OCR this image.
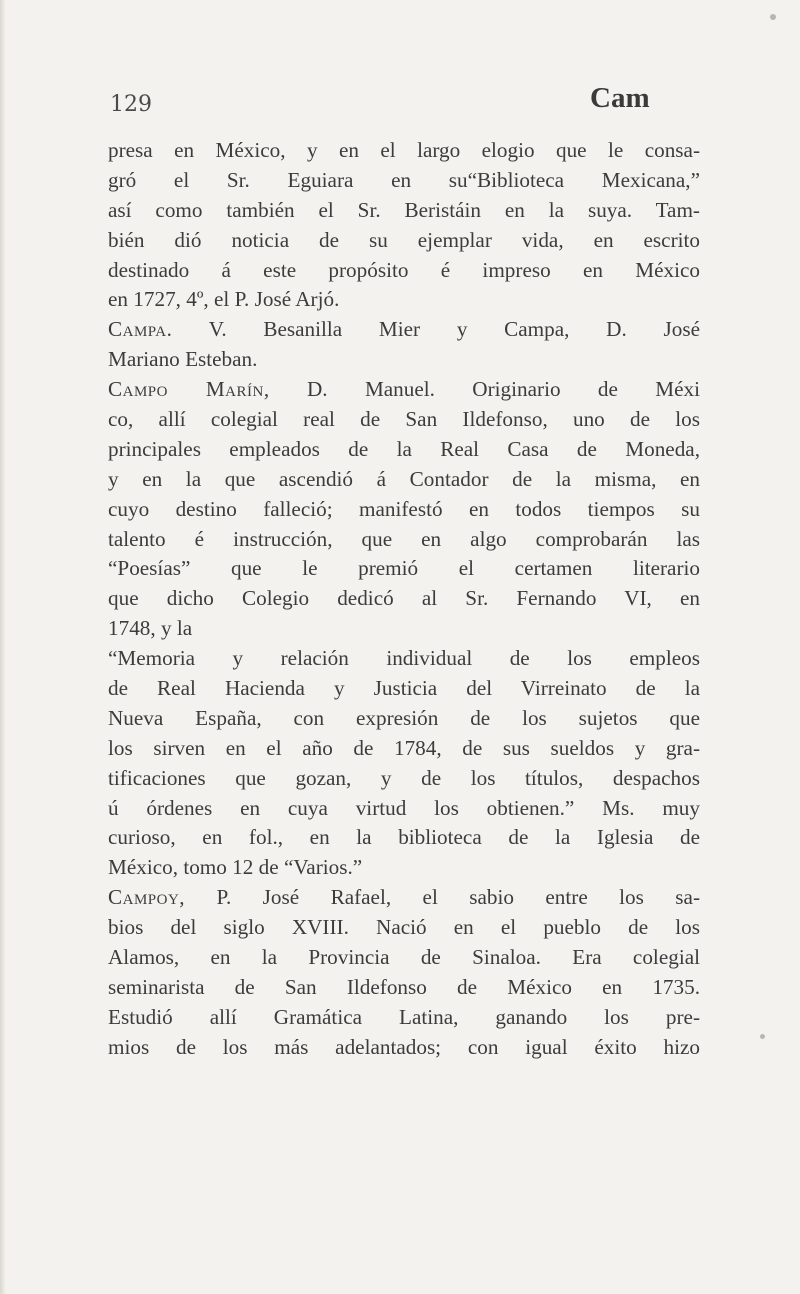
129	Cam
presa en México, y en el largo elogio que le consa-
gró el Sr. Eguiara en su“Biblioteca Mexicana,”
así como también el Sr. Beristáin en la suya. Tam-
bién dió noticia de su ejemplar vida, en escrito
destinado á este propósito é impreso en México
en 1727, 4º, el P. José Arjó.
Campa. V. Besanilla Mier y Campa, D. José
Mariano Esteban.
Campo Marín, D. Manuel. Originario de Méxi
co, allí colegial real de San Ildefonso, uno de los
principales empleados de la Real Casa de Moneda,
y en la que ascendió á Contador de la misma, en
cuyo destino falleció; manifestó en todos tiempos su
talento é instrucción, que en algo comprobarán las
“Poesías” que le premió el certamen literario
que dicho Colegio dedicó al Sr. Fernando VI, en
1748, y la
“Memoria y relación individual de los empleos
de Real Hacienda y Justicia del Virreinato de la
Nueva España, con expresión de los sujetos que
los sirven en el año de 1784, de sus sueldos y gra-
tificaciones que gozan, y de los títulos, despachos
ú órdenes en cuya virtud los obtienen.” Ms. muy
curioso, en fol., en la biblioteca de la Iglesia de
México, tomo 12 de “Varios.”
Campoy, P. José Rafael, el sabio entre los sa-
bios del siglo XVIII. Nació en el pueblo de los
Alamos, en la Provincia de Sinaloa. Era colegial
seminarista de San Ildefonso de México en 1735.
Estudió allí Gramática Latina, ganando los pre-
mios de los más adelantados; con igual éxito hizo
